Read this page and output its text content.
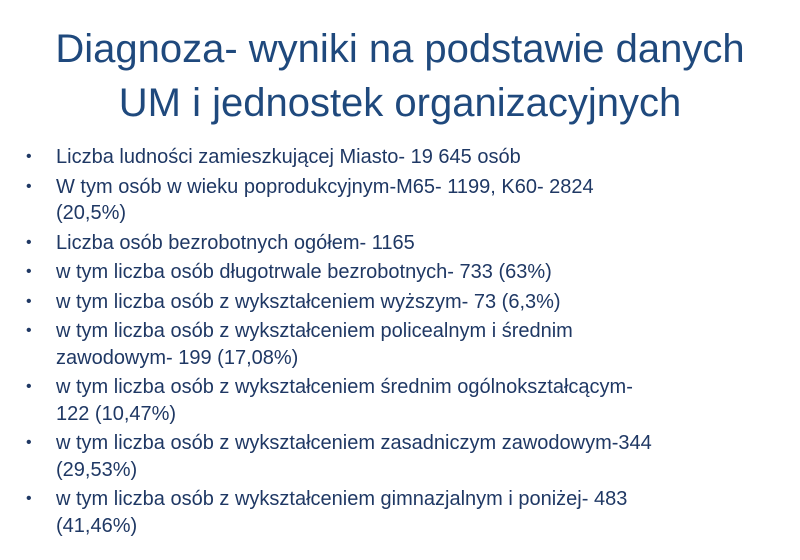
Diagnoza- wyniki na podstawie danych
UM i jednostek organizacyjnych
• Liczba ludności zamieszkującej Miasto- 19 645 osób
• W tym osób w wieku poprodukcyjnym-M65- 1199, K60- 2824
(20,5%)
• Liczba osób bezrobotnych ogółem- 1165
• w tym liczba osób długotrwale bezrobotnych- 733 (63%)
• w tym liczba osób z wykształceniem wyższym- 73 (6,3%)
• w tym liczba osób z wykształceniem policealnym i średnim
zawodowym- 199 (17,08%)
• w tym liczba osób z wykształceniem średnim ogólnokształcącym-
122 (10,47%)
• w tym liczba osób z wykształceniem zasadniczym zawodowym-344
(29,53%)
• w tym liczba osób z wykształceniem gimnazjalnym i poniżej- 483
(41,46%)
